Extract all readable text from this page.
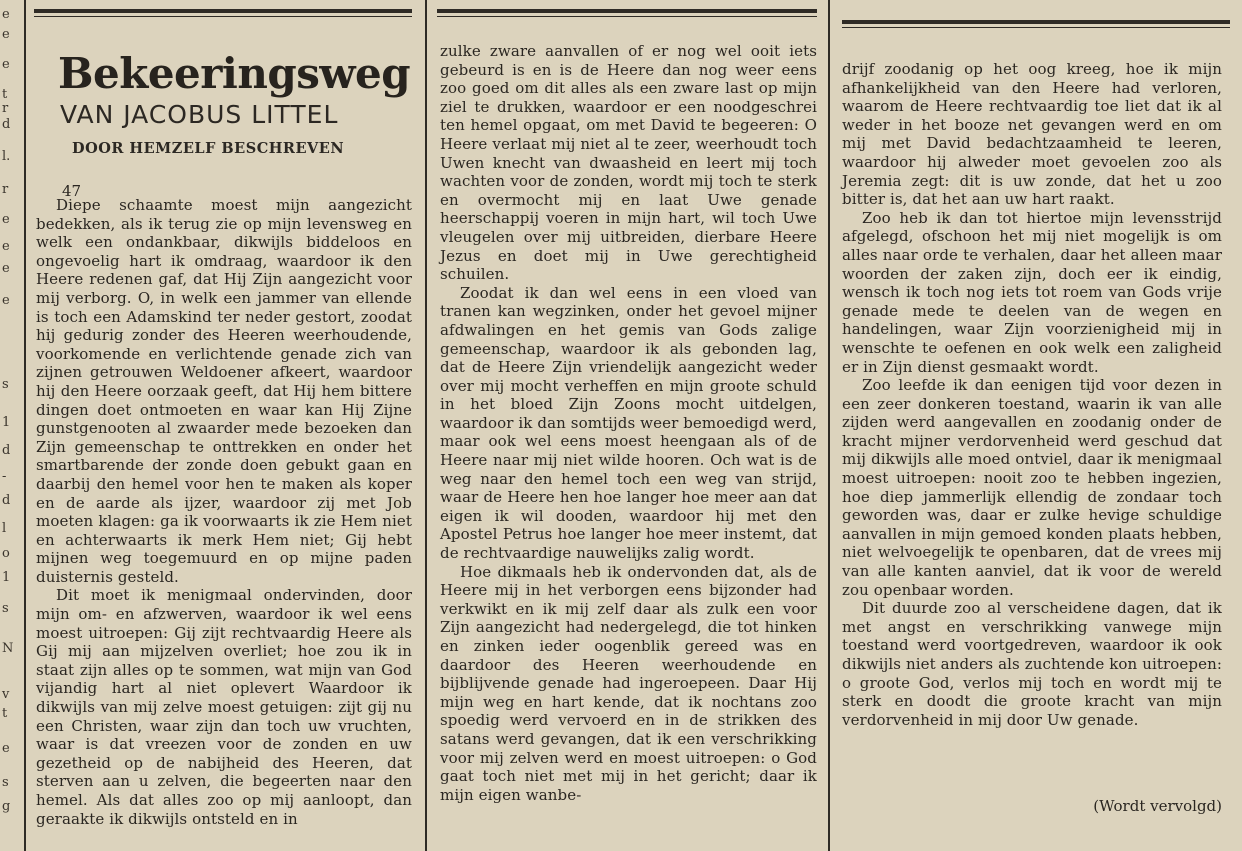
e
e
e
t
r
d
l.
r
e
e
e
e
s
1
d
-
d
l
o
1
s
N
v
t
e
s
g
Bekeeringsweg
VAN JACOBUS LITTEL
DOOR HEMZELF BESCHREVEN
47

Diepe schaamte moest mijn aangezicht bedekken, als ik terug zie op mijn levensweg en welk een ondankbaar, dikwijls biddeloos en ongevoelig hart ik omdraag, waardoor ik den Heere redenen gaf, dat Hij Zijn aangezicht voor mij verborg. O, in welk een jammer van ellende is toch een Adamskind ter neder gestort, zoodat hij gedurig zonder des Heeren weerhoudende, voorkomende en verlichtende genade zich van zijnen getrouwen Weldoener afkeert, waardoor hij den Heere oorzaak geeft, dat Hij hem bittere dingen doet ontmoeten en waar kan Hij Zijne gunstgenooten al zwaarder mede bezoeken dan Zijn gemeenschap te onttrekken en onder het smartbarende der zonde doen gebukt gaan en daarbij den hemel voor hen te maken als koper en de aarde als ijzer, waardoor zij met Job moeten klagen: ga ik voorwaarts ik zie Hem niet en achterwaarts ik merk Hem niet; Gij hebt mijnen weg toegemuurd en op mijne paden duisternis gesteld.

Dit moet ik menigmaal ondervinden, door mijn om- en afzwerven, waardoor ik wel eens moest uitroepen: Gij zijt rechtvaardig Heere als Gij mij aan mijzelven overliet; hoe zou ik in staat zijn alles op te sommen, wat mijn van God vijandig hart al niet oplevert Waardoor ik dikwijls van mij zelve moest getuigen: zijt gij nu een Christen, waar zijn dan toch uw vruchten, waar is dat vreezen voor de zonden en uw gezetheid op de nabijheid des Heeren, dat sterven aan u zelven, die begeerten naar den hemel. Als dat alles zoo op mij aanloopt, dan geraakte ik dikwijls ontsteld en in

zulke zware aanvallen of er nog wel ooit iets gebeurd is en is de Heere dan nog weer eens zoo goed om dit alles als een zware last op mijn ziel te drukken, waardoor er een noodgeschrei ten hemel opgaat, om met David te begeeren: O Heere verlaat mij niet al te zeer, weerhoudt toch Uwen knecht van dwaasheid en leert mij toch wachten voor de zonden, wordt mij toch te sterk en overmocht mij en laat Uwe genade heerschappij voeren in mijn hart, wil toch Uwe vleugelen over mij uitbreiden, dierbare Heere Jezus en doet mij in Uwe gerechtigheid schuilen.

Zoodat ik dan wel eens in een vloed van tranen kan wegzinken, onder het gevoel mijner afdwalingen en het gemis van Gods zalige gemeenschap, waardoor ik als gebonden lag, dat de Heere Zijn vriendelijk aangezicht weder over mij mocht verheffen en mijn groote schuld in het bloed Zijn Zoons mocht uitdelgen, waardoor ik dan somtijds weer bemoedigd werd, maar ook wel eens moest heengaan als of de Heere naar mij niet wilde hooren. Och wat is de weg naar den hemel toch een weg van strijd, waar de Heere hen hoe langer hoe meer aan dat eigen ik wil dooden, waardoor hij met den Apostel Petrus hoe langer hoe meer instemt, dat de rechtvaardige nauwelijks zalig wordt.

Hoe dikmaals heb ik ondervonden dat, als de Heere mij in het verborgen eens bijzonder had verkwikt en ik mij zelf daar als zulk een voor Zijn aangezicht had nedergelegd, die tot hinken en zinken ieder oogenblik gereed was en daardoor des Heeren weerhoudende en bijblijvende genade had ingeroepeen. Daar Hij mijn weg en hart kende, dat ik nochtans zoo spoedig werd vervoerd en in de strikken des satans werd gevangen, dat ik een verschrikking voor mij zelven werd en moest uitroepen: o God gaat toch niet met mij in het gericht; daar ik mijn eigen wanbe-

drijf zoodanig op het oog kreeg, hoe ik mijn afhankelijkheid van den Heere had verloren, waarom de Heere rechtvaardig toe liet dat ik al weder in het booze net gevangen werd en om mij met David bedachtzaamheid te leeren, waardoor hij alweder moet gevoelen zoo als Jeremia zegt: dit is uw zonde, dat het u zoo bitter is, dat het aan uw hart raakt.

Zoo heb ik dan tot hiertoe mijn levensstrijd afgelegd, ofschoon het mij niet mogelijk is om alles naar orde te verhalen, daar het alleen maar woorden der zaken zijn, doch eer ik eindig, wensch ik toch nog iets tot roem van Gods vrije genade mede te deelen van de wegen en handelingen, waar Zijn voorzienigheid mij in wenschte te oefenen en ook welk een zaligheid er in Zijn dienst gesmaakt wordt.

Zoo leefde ik dan eenigen tijd voor dezen in een zeer donkeren toestand, waarin ik van alle zijden werd aangevallen en zoodanig onder de kracht mijner verdorvenheid werd geschud dat mij dikwijls alle moed ontviel, daar ik menigmaal moest uitroepen: nooit zoo te hebben ingezien, hoe diep jammerlijk ellendig de zondaar toch geworden was, daar er zulke hevige schuldige aanvallen in mijn gemoed konden plaats hebben, niet welvoegelijk te openbaren, dat de vrees mij van alle kanten aanviel, dat ik voor de wereld zou openbaar worden.

Dit duurde zoo al verscheidene dagen, dat ik met angst en verschrikking vanwege mijn toestand werd voortgedreven, waardoor ik ook dikwijls niet anders als zuchtende kon uitroepen: o groote God, verlos mij toch en wordt mij te sterk en doodt die groote kracht van mijn verdorvenheid in mij door Uw genade.

(Wordt vervolgd)
